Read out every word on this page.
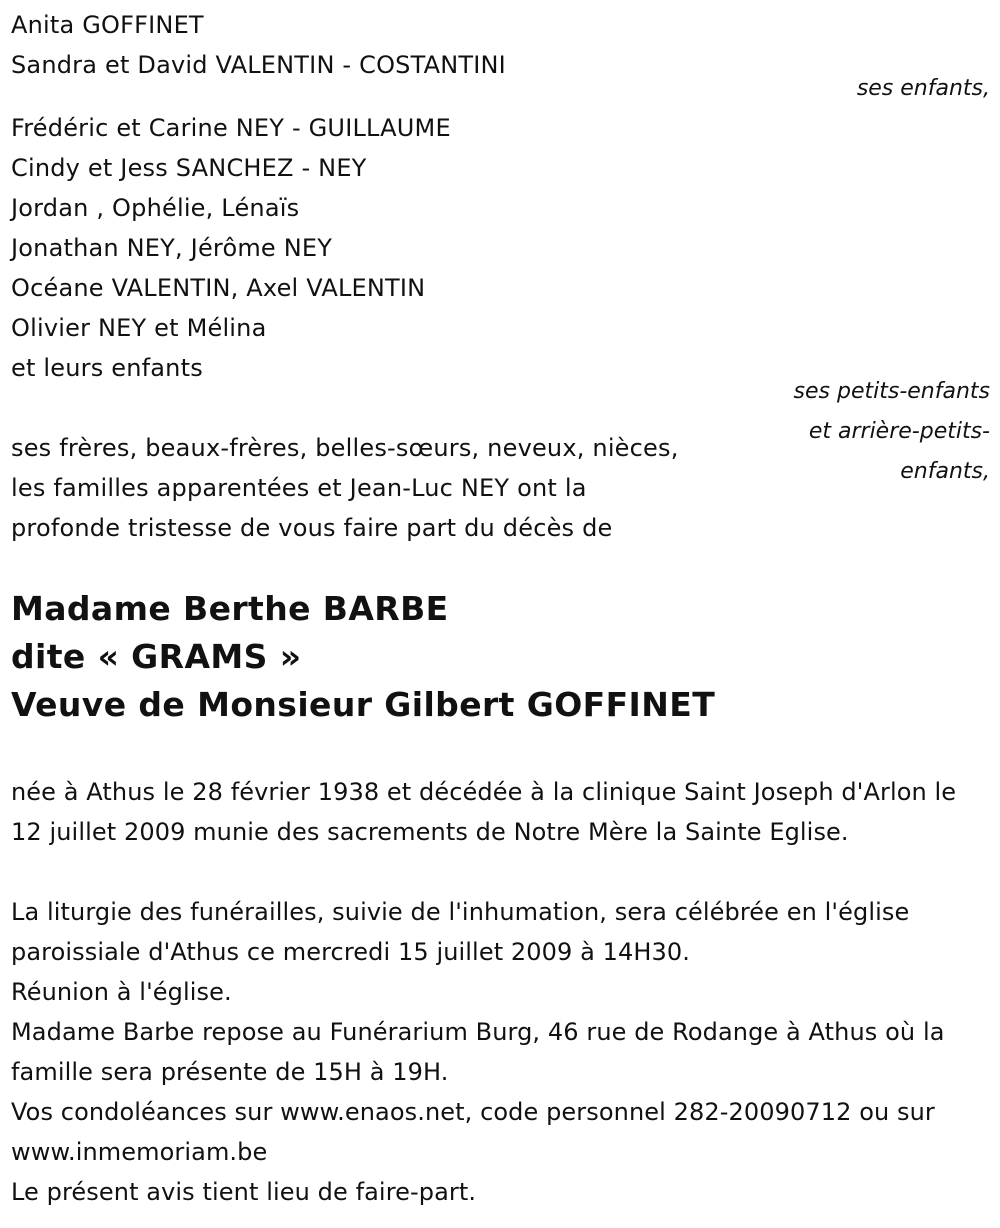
Anita GOFFINET
Sandra et David VALENTIN - COSTANTINI
ses enfants,
Frédéric et Carine NEY - GUILLAUME
Cindy et Jess SANCHEZ - NEY
Jordan , Ophélie, Lénaïs
Jonathan NEY, Jérôme NEY
Océane VALENTIN, Axel VALENTIN
Olivier NEY et Mélina
et leurs enfants
ses petits-enfants
et arrière-petits-
enfants,
ses frères, beaux-frères, belles-sœurs, neveux, nièces,
les familles apparentées et Jean-Luc NEY ont la
profonde tristesse de vous faire part du décès de
Madame Berthe BARBE
dite « GRAMS »
Veuve de Monsieur Gilbert GOFFINET
née à Athus le 28 février 1938 et décédée à la clinique Saint Joseph d'Arlon le 12 juillet 2009 munie des sacrements de Notre Mère la Sainte Eglise.
La liturgie des funérailles, suivie de l'inhumation, sera célébrée en l'église paroissiale d'Athus ce mercredi 15 juillet 2009 à 14H30.
Réunion à l'église.
Madame Barbe repose au Funérarium Burg, 46 rue de Rodange à Athus où la famille sera présente de 15H à 19H.
Vos condoléances sur www.enaos.net, code personnel 282-20090712 ou sur www.inmemoriam.be
Le présent avis tient lieu de faire-part.
